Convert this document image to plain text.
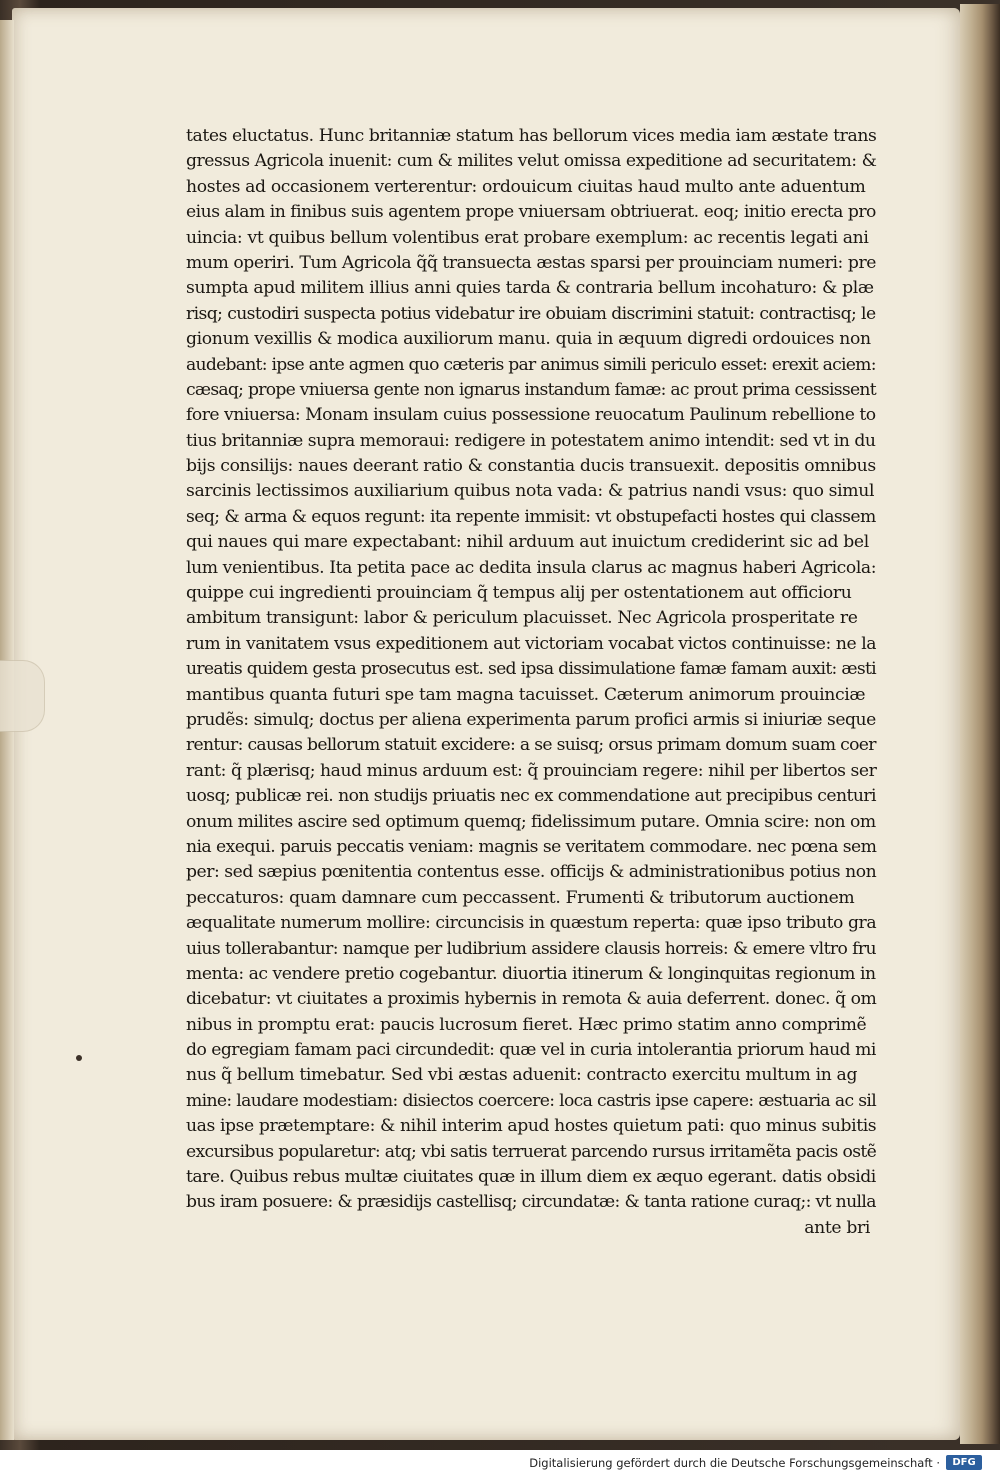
tates eluctatus. Hunc britanniæ statum has bellorum vices media iam æstate trans
gressus Agricola inuenit: cum & milites velut omissa expeditione ad securitatem: &
hostes ad occasionem verterentur: ordouicum ciuitas haud multo ante aduentum
eius alam in finibus suis agentem prope vniuersam obtriuerat. eoq; initio erecta pro
uincia: vt quibus bellum volentibus erat probare exemplum: ac recentis legati ani
mum operiri. Tum Agricola q̃q̃ transuecta æstas sparsi per prouinciam numeri: pre
sumpta apud militem illius anni quies tarda & contraria bellum incohaturo: & plæ
risq; custodiri suspecta potius videbatur ire obuiam discrimini statuit: contractisq; le
gionum vexillis & modica auxiliorum manu. quia in æquum digredi ordouices non
audebant: ipse ante agmen quo cæteris par animus simili periculo esset: erexit aciem:
cæsaq; prope vniuersa gente non ignarus instandum famæ: ac prout prima cessissent
fore vniuersa: Monam insulam cuius possessione reuocatum Paulinum rebellione to
tius britanniæ supra memoraui: redigere in potestatem animo intendit: sed vt in du
bijs consilijs: naues deerant ratio & constantia ducis transuexit. depositis omnibus
sarcinis lectissimos auxiliarium quibus nota vada: & patrius nandi vsus: quo simul
seq; & arma & equos regunt: ita repente immisit: vt obstupefacti hostes qui classem
qui naues qui mare expectabant: nihil arduum aut inuictum crediderint sic ad bel
lum venientibus. Ita petita pace ac dedita insula clarus ac magnus haberi Agricola:
quippe cui ingredienti prouinciam q̃ tempus alij per ostentationem aut officioru
ambitum transigunt: labor & periculum placuisset. Nec Agricola prosperitate re
rum in vanitatem vsus expeditionem aut victoriam vocabat victos continuisse: ne la
ureatis quidem gesta prosecutus est. sed ipsa dissimulatione famæ famam auxit: æsti
mantibus quanta futuri spe tam magna tacuisset. Cæterum animorum prouinciæ
prudẽs: simulq; doctus per aliena experimenta parum profici armis si iniuriæ seque
rentur: causas bellorum statuit excidere: a se suisq; orsus primam domum suam coer
rant: q̃ plærisq; haud minus arduum est: q̃ prouinciam regere: nihil per libertos ser
uosq; publicæ rei. non studijs priuatis nec ex commendatione aut precipibus centuri
onum milites ascire sed optimum quemq; fidelissimum putare. Omnia scire: non om
nia exequi. paruis peccatis veniam: magnis se veritatem commodare. nec pœna sem
per: sed sæpius pœnitentia contentus esse. officijs & administrationibus potius non
peccaturos: quam damnare cum peccassent. Frumenti & tributorum auctionem
æqualitate numerum mollire: circuncisis in quæstum reperta: quæ ipso tributo gra
uius tollerabantur: namque per ludibrium assidere clausis horreis: & emere vltro fru
menta: ac vendere pretio cogebantur. diuortia itinerum & longinquitas regionum in
dicebatur: vt ciuitates a proximis hybernis in remota & auia deferrent. donec. q̃ om
nibus in promptu erat: paucis lucrosum fieret. Hæc primo statim anno comprimẽ
do egregiam famam paci circundedit: quæ vel in curia intolerantia priorum haud mi
nus q̃ bellum timebatur. Sed vbi æstas aduenit: contracto exercitu multum in ag
mine: laudare modestiam: disiectos coercere: loca castris ipse capere: æstuaria ac sil
uas ipse prætemptare: & nihil interim apud hostes quietum pati: quo minus subitis
excursibus popularetur: atq; vbi satis terruerat parcendo rursus irritamẽta pacis ostẽ
tare. Quibus rebus multæ ciuitates quæ in illum diem ex æquo egerant. datis obsidi
bus iram posuere: & præsidijs castellisq; circundatæ: & tanta ratione curaq;: vt nulla
ante bri
Digitalisierung gefördert durch die Deutsche Forschungsgemeinschaft ·	DFG
